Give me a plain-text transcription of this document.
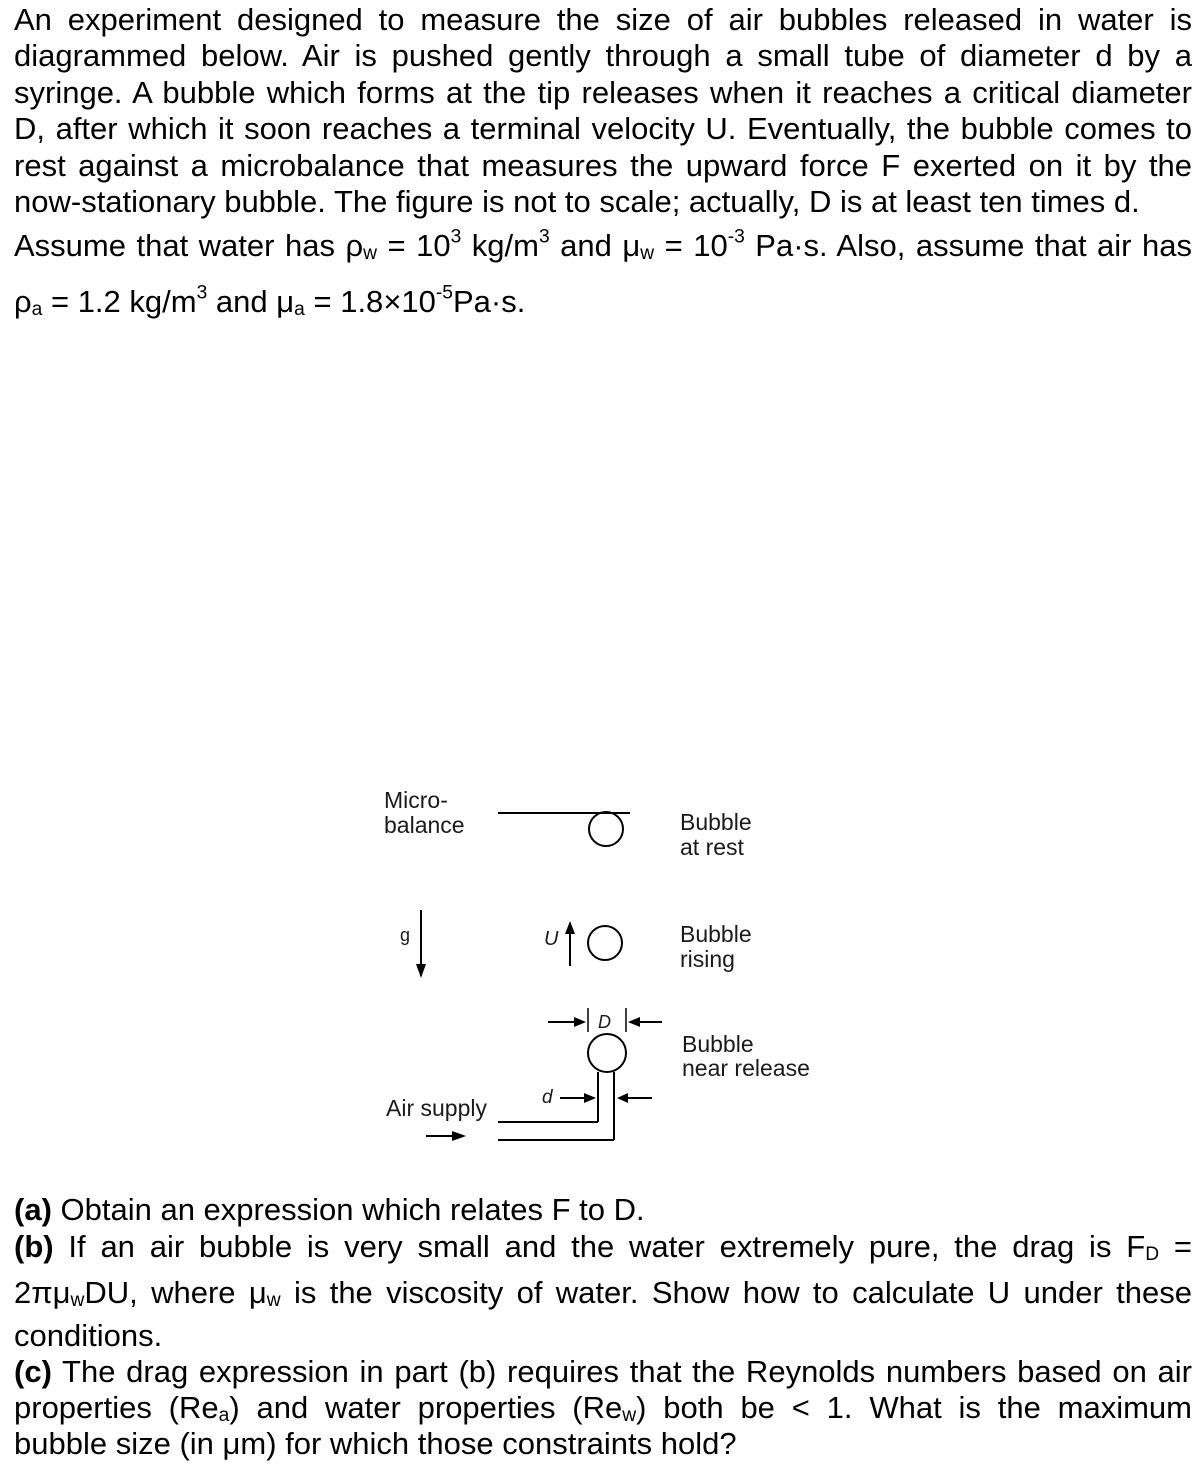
An experiment designed to measure the size of air bubbles released in water is diagrammed below. Air is pushed gently through a small tube of diameter d by a syringe. A bubble which forms at the tip releases when it reaches a critical diameter D, after which it soon reaches a terminal velocity U. Eventually, the bubble comes to rest against a microbalance that measures the upward force F exerted on it by the now-stationary bubble. The figure is not to scale; actually, D is at least ten times d.
Assume that water has $\rho_w = 10^3$ $kg/m^3$ and $\mu_w = 10^{-3}$ Pa·s. Also, assume that air has
$\rho_a = 1.2$ $kg/m^3$ and $\mu_a = 1.8\times 10^{-5}Pa\cdot s$.
Micro-
balance	Bubble
at rest
g	U	Bubble
rising
D
Bubble
near release
d
Air supply
(a) Obtain an expression which relates F to D.
(b) If an air bubble is very small and the water extremely pure, the drag is $F_D$ =
$2\pi\mu_wDU$, where $\mu_w$ is the viscosity of water. Show how to calculate U under these
conditions.
(c) The drag expression in part (b) requires that the Reynolds numbers based on air
properties $(Re_a)$ and water properties $(Re_w)$ both be < 1. What is the maximum
bubble size (in μm) for which those constraints hold?
